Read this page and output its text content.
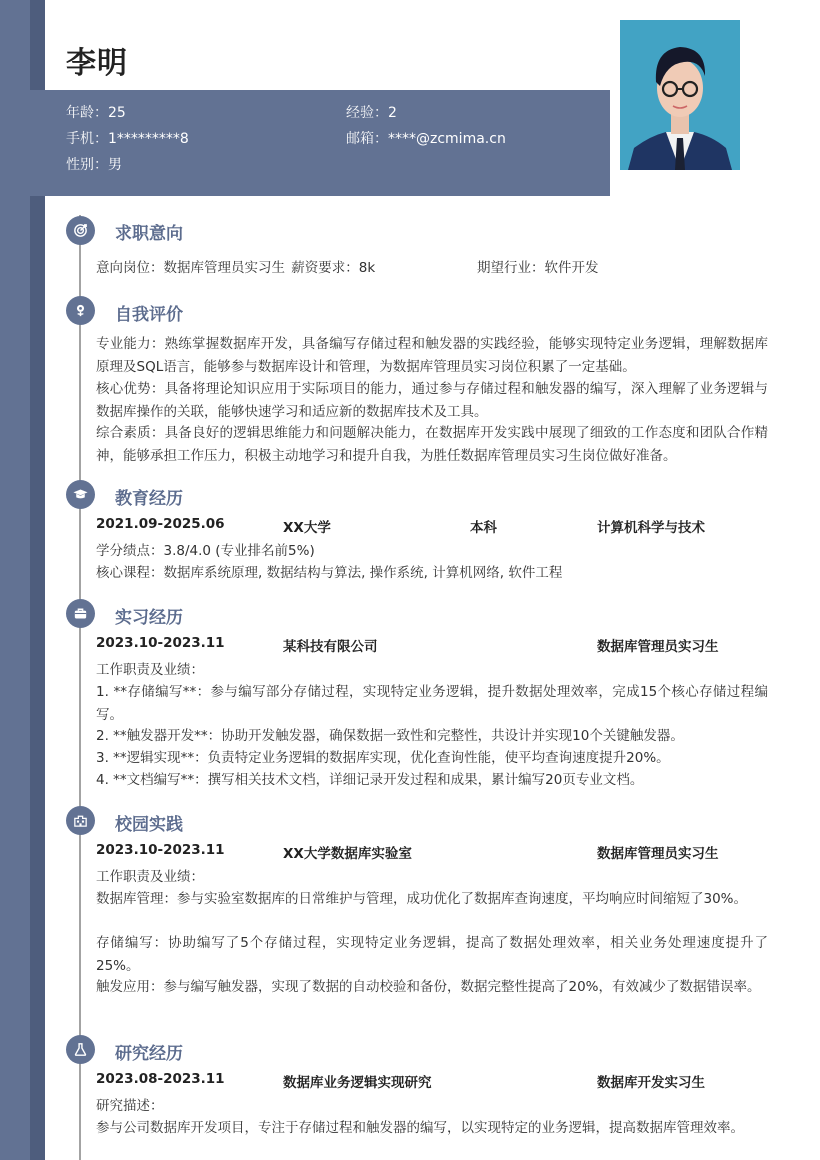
李明
年龄：25	经验：2
手机：1*********8	邮箱：****@zcmima.cn
性别：男
求职意向
意向岗位：数据库管理员实习生 薪资要求：8k	期望行业：软件开发
自我评价
专业能力：熟练掌握数据库开发，具备编写存储过程和触发器的实践经验，能够实现特定业务逻辑，理解数据库原理及SQL语言，能够参与数据库设计和管理，为数据库管理员实习岗位积累了一定基础。
核心优势：具备将理论知识应用于实际项目的能力，通过参与存储过程和触发器的编写，深入理解了业务逻辑与数据库操作的关联，能够快速学习和适应新的数据库技术及工具。
综合素质：具备良好的逻辑思维能力和问题解决能力，在数据库开发实践中展现了细致的工作态度和团队合作精神，能够承担工作压力，积极主动地学习和提升自我，为胜任数据库管理员实习生岗位做好准备。
教育经历
2021.09-2025.06	XX大学	本科	计算机科学与技术
学分绩点：3.8/4.0 (专业排名前5%)
核心课程：数据库系统原理, 数据结构与算法, 操作系统, 计算机网络, 软件工程
实习经历
2023.10-2023.11	某科技有限公司	数据库管理员实习生
工作职责及业绩：
1. **存储编写**：参与编写部分存储过程，实现特定业务逻辑，提升数据处理效率，完成15个核心存储过程编写。
2. **触发器开发**：协助开发触发器，确保数据一致性和完整性，共设计并实现10个关键触发器。
3. **逻辑实现**：负责特定业务逻辑的数据库实现，优化查询性能，使平均查询速度提升20%。
4. **文档编写**：撰写相关技术文档，详细记录开发过程和成果，累计编写20页专业文档。
校园实践
2023.10-2023.11	XX大学数据库实验室	数据库管理员实习生
工作职责及业绩：
数据库管理：参与实验室数据库的日常维护与管理，成功优化了数据库查询速度，平均响应时间缩短了30%。
存储编写：协助编写了5个存储过程，实现特定业务逻辑，提高了数据处理效率，相关业务处理速度提升了25%。
触发应用：参与编写触发器，实现了数据的自动校验和备份，数据完整性提高了20%，有效减少了数据错误率。
研究经历
2023.08-2023.11	数据库业务逻辑实现研究	数据库开发实习生
研究描述：
参与公司数据库开发项目，专注于存储过程和触发器的编写，以实现特定的业务逻辑，提高数据库管理效率。
